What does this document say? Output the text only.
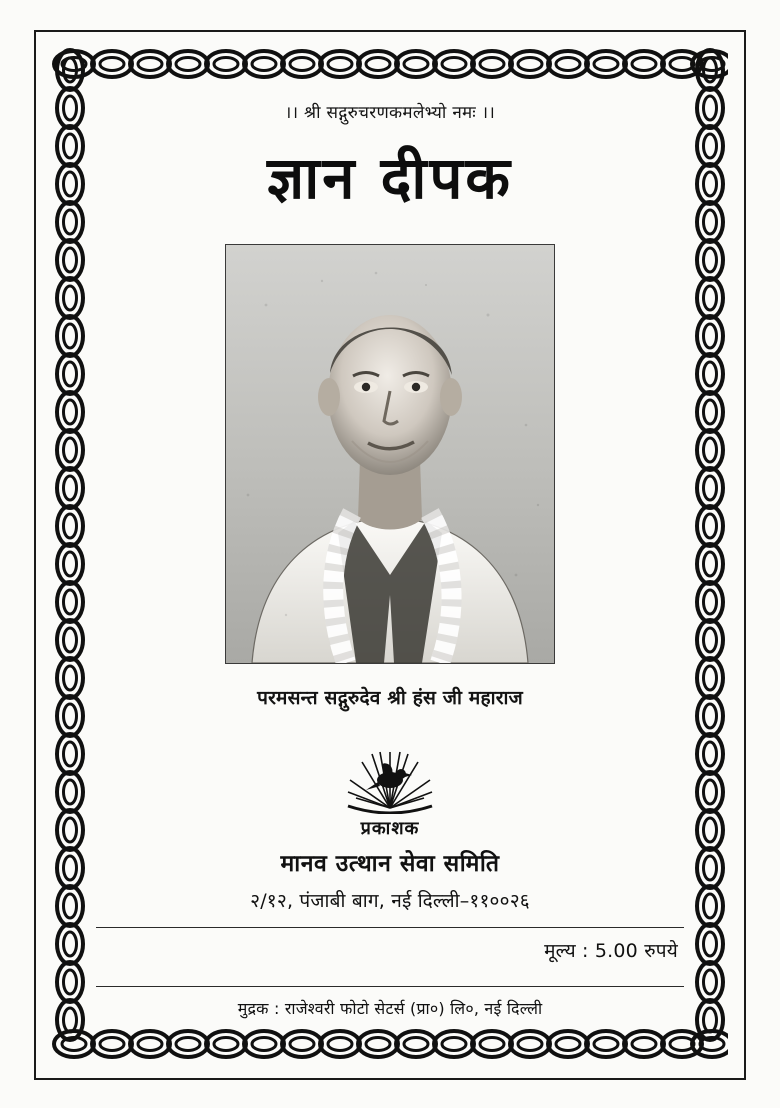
।। श्री सद्गुरुचरणकमलेभ्यो नमः ।।
ज्ञान दीपक
परमसन्त सद्गुरुदेव श्री हंस जी महाराज
प्रकाशक
मानव उत्थान सेवा समिति
२/१२, पंजाबी बाग, नई दिल्ली–११००२६
मूल्य : 5.00 रुपये
मुद्रक : राजेश्वरी फोटो सेटर्स (प्रा०) लि०, नई दिल्ली
